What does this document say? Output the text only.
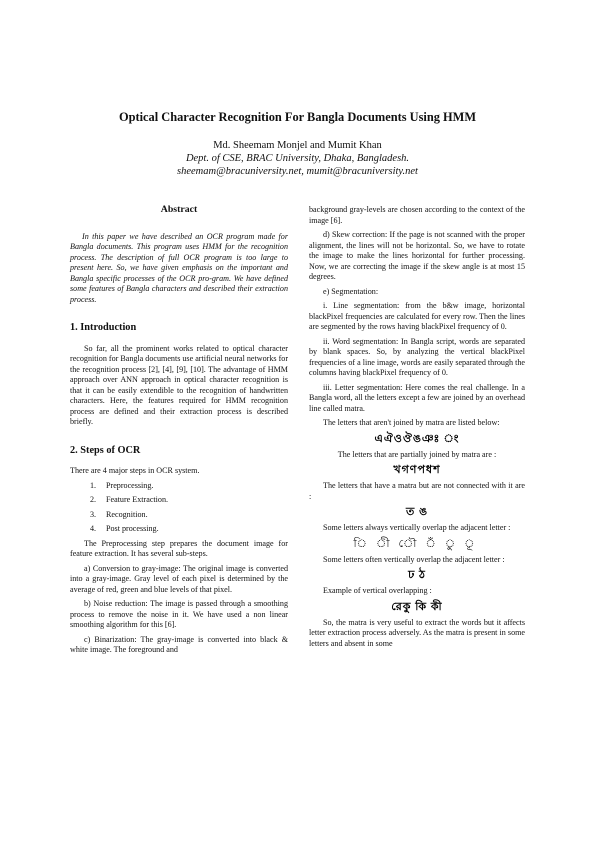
Optical Character Recognition For Bangla Documents Using HMM
Md. Sheemam Monjel and Mumit Khan
Dept. of CSE, BRAC University, Dhaka, Bangladesh.
sheemam@bracuniversity.net, mumit@bracuniversity.net
Abstract

In this paper we have described an OCR program made for Bangla documents. This program uses HMM for the recognition process. The description of full OCR program is too large to present here. So, we have given emphasis on the important and Bangla specific processes of the OCR pro-gram. We have defined some features of Bangla characters and described their extraction process.

1. Introduction

So far, all the prominent works related to optical character recognition for Bangla documents use artificial neural networks for the recognition process [2], [4], [9], [10]. The advantage of HMM approach over ANN approach in optical character recognition is that it can be easily extendible to the recognition of handwritten characters. Here, the features required for HMM recognition process are defined and their extraction process is described briefly.

2. Steps of OCR

There are 4 major steps in OCR system.

1. Preprocessing.
2. Feature Extraction.
3. Recognition.
4. Post processing.

The Preprocessing step prepares the document image for feature extraction. It has several sub-steps.

a) Conversion to gray-image: The original image is converted into a gray-image. Gray level of each pixel is determined by the average of red, green and blue levels of that pixel.

b) Noise reduction: The image is passed through a smoothing process to remove the noise in it. We have used a non linear smoothing algorithm for this [6].

c) Binarization: The gray-image is converted into black & white image. The foreground and

background gray-levels are chosen according to the context of the image [6].

d) Skew correction: If the page is not scanned with the proper alignment, the lines will not be horizontal. So, we have to rotate the image to make the lines horizontal for further processing. Now, we are correcting the image if the skew angle is at most 15 degrees.

e) Segmentation:

i. Line segmentation: from the b&w image, horizontal blackPixel frequencies are calculated for every row. Then the lines are segmented by the rows having blackPixel frequency of 0.

ii. Word segmentation: In Bangla script, words are separated by blank spaces. So, by analyzing the vertical blackPixel frequencies of a line image, words are easily separated through the columns having blackPixel frequency of 0.

iii. Letter segmentation: Here comes the real challenge. In a Bangla word, all the letters except a few are joined by an overhead line called matra.

The letters that aren't joined by matra are listed below:

এঐওঔঙঞঃ ং

The letters that are partially joined by matra are :

খগণপধশ

The letters that have a matra but are not connected with it are :

ত ঙ

Some letters always vertically overlap the adjacent letter :

ি ী ৌ ঁ ু ূ

Some letters often vertically overlap the adjacent letter :

ঢ ঠ

Example of vertical overlapping :

রেকু কি কী

So, the matra is very useful to extract the words but it affects letter extraction process adversely. As the matra is present in some letters and absent in some
